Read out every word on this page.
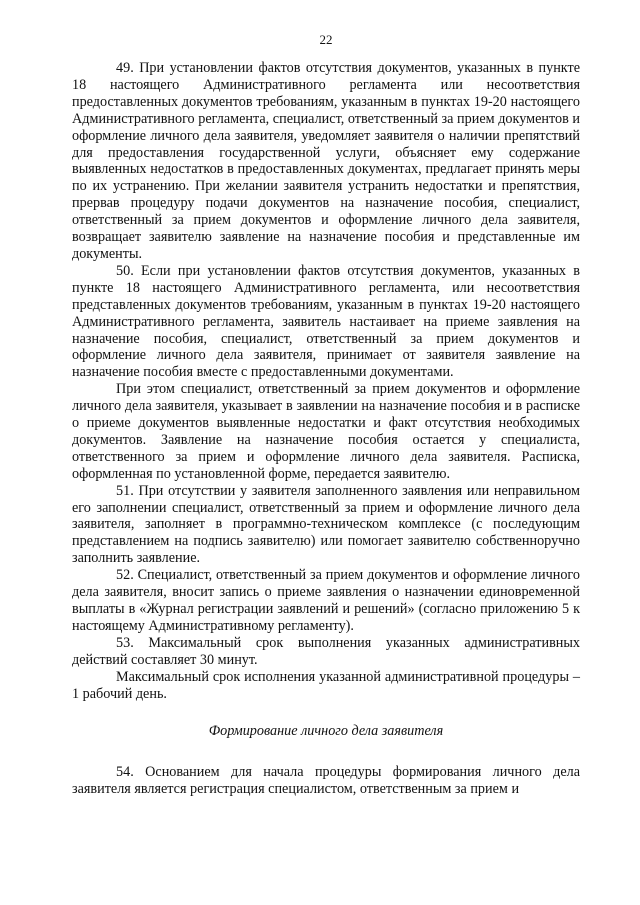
22

49. При установлении фактов отсутствия документов, указанных в пункте 18 настоящего Административного регламента или несоответствия предоставленных документов требованиям, указанным в пунктах 19-20 настоящего Административного регламента, специалист, ответственный за прием документов и оформление личного дела заявителя, уведомляет заявителя о наличии препятствий для предоставления государственной услуги, объясняет ему содержание выявленных недостатков в предоставленных документах, предлагает принять меры по их устранению. При желании заявителя устранить недостатки и препятствия, прервав процедуру подачи документов на назначение пособия, специалист, ответственный за прием документов и оформление личного дела заявителя, возвращает заявителю заявление на назначение пособия и представленные им документы.

50. Если при установлении фактов отсутствия документов, указанных в пункте 18 настоящего Административного регламента, или несоответствия представленных документов требованиям, указанным в пунктах 19-20 настоящего Административного регламента, заявитель настаивает на приеме заявления на назначение пособия, специалист, ответственный за прием документов и оформление личного дела заявителя, принимает от заявителя заявление на назначение пособия вместе с предоставленными документами.

При этом специалист, ответственный за прием документов и оформление личного дела заявителя, указывает в заявлении на назначение пособия и в расписке о приеме документов выявленные недостатки и факт отсутствия необходимых документов. Заявление на назначение пособия остается у специалиста, ответственного за прием и оформление личного дела заявителя. Расписка, оформленная по установленной форме, передается заявителю.

51. При отсутствии у заявителя заполненного заявления или неправильном его заполнении специалист, ответственный за прием и оформление личного дела заявителя, заполняет в программно-техническом комплексе (с последующим представлением на подпись заявителю) или помогает заявителю собственноручно заполнить заявление.

52. Специалист, ответственный за прием документов и оформление личного дела заявителя, вносит запись о приеме заявления о назначении единовременной выплаты в «Журнал регистрации заявлений и решений» (согласно приложению 5 к настоящему Административному регламенту).

53. Максимальный срок выполнения указанных административных действий составляет 30 минут.

Максимальный срок исполнения указанной административной процедуры – 1 рабочий день.

Формирование личного дела заявителя

54. Основанием для начала процедуры формирования личного дела заявителя является регистрация специалистом, ответственным за прием и
